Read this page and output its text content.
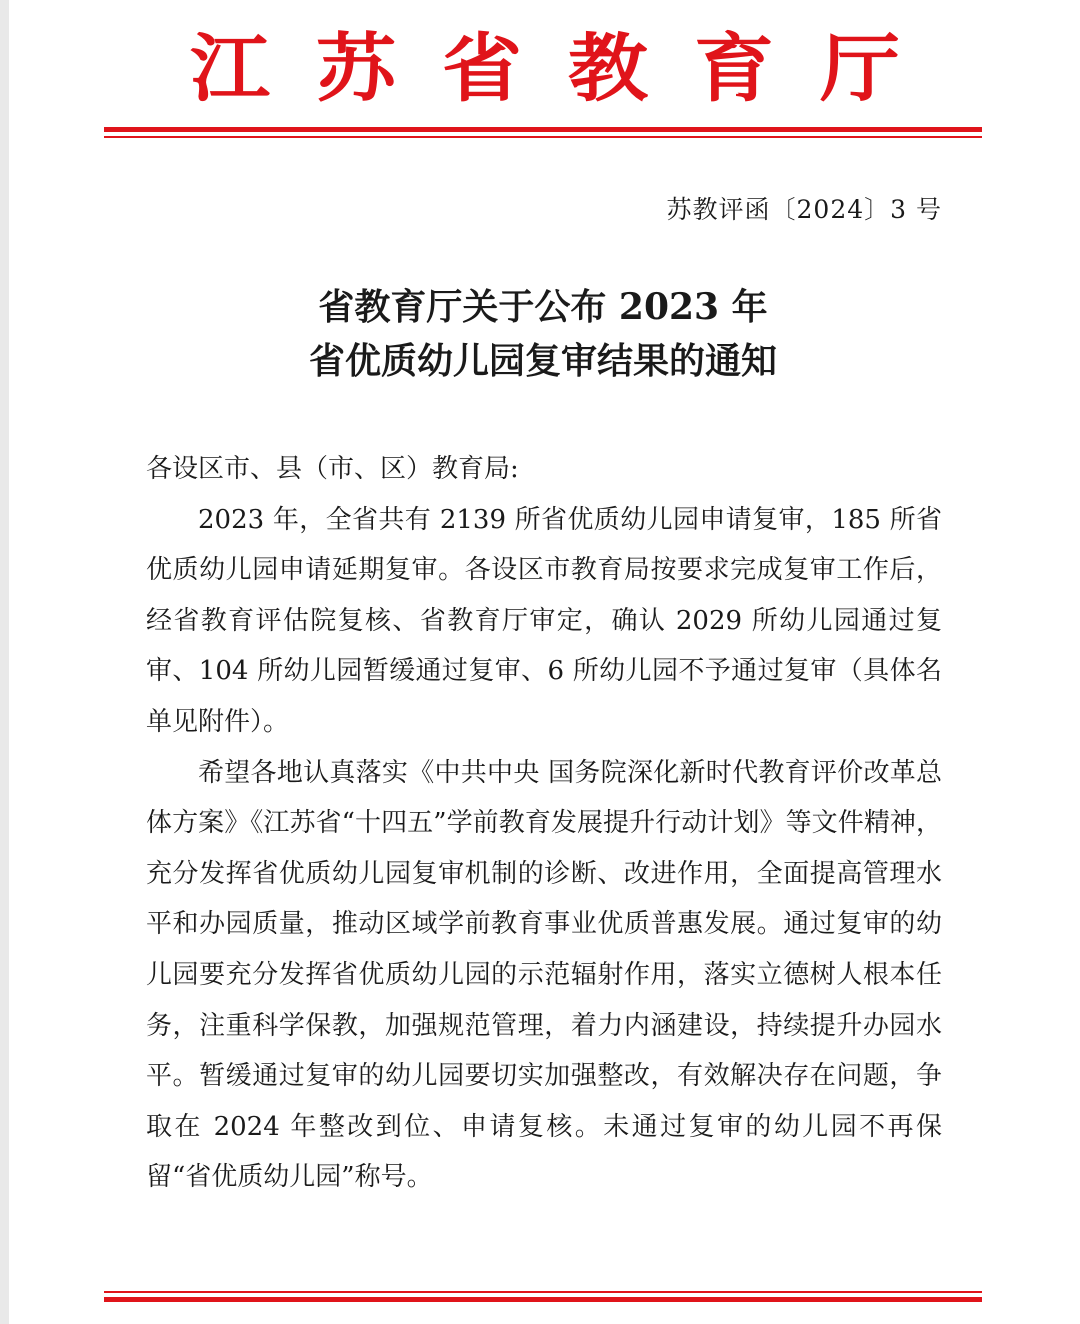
江 苏 省 教 育 厅
苏教评函〔2024〕3 号
省教育厅关于公布 2023 年
省优质幼儿园复审结果的通知

各设区市、县（市、区）教育局:

2023 年，全省共有 2139 所省优质幼儿园申请复审，185 所省优质幼儿园申请延期复审。各设区市教育局按要求完成复审工作后，经省教育评估院复核、省教育厅审定，确认 2029 所幼儿园通过复审、104 所幼儿园暂缓通过复审、6 所幼儿园不予通过复审（具体名单见附件）。

希望各地认真落实《中共中央 国务院深化新时代教育评价改革总体方案》《江苏省“十四五”学前教育发展提升行动计划》等文件精神，充分发挥省优质幼儿园复审机制的诊断、改进作用，全面提高管理水平和办园质量，推动区域学前教育事业优质普惠发展。通过复审的幼儿园要充分发挥省优质幼儿园的示范辐射作用，落实立德树人根本任务，注重科学保教，加强规范管理，着力内涵建设，持续提升办园水平。暂缓通过复审的幼儿园要切实加强整改，有效解决存在问题，争取在 2024 年整改到位、申请复核。未通过复审的幼儿园不再保留“省优质幼儿园”称号。
